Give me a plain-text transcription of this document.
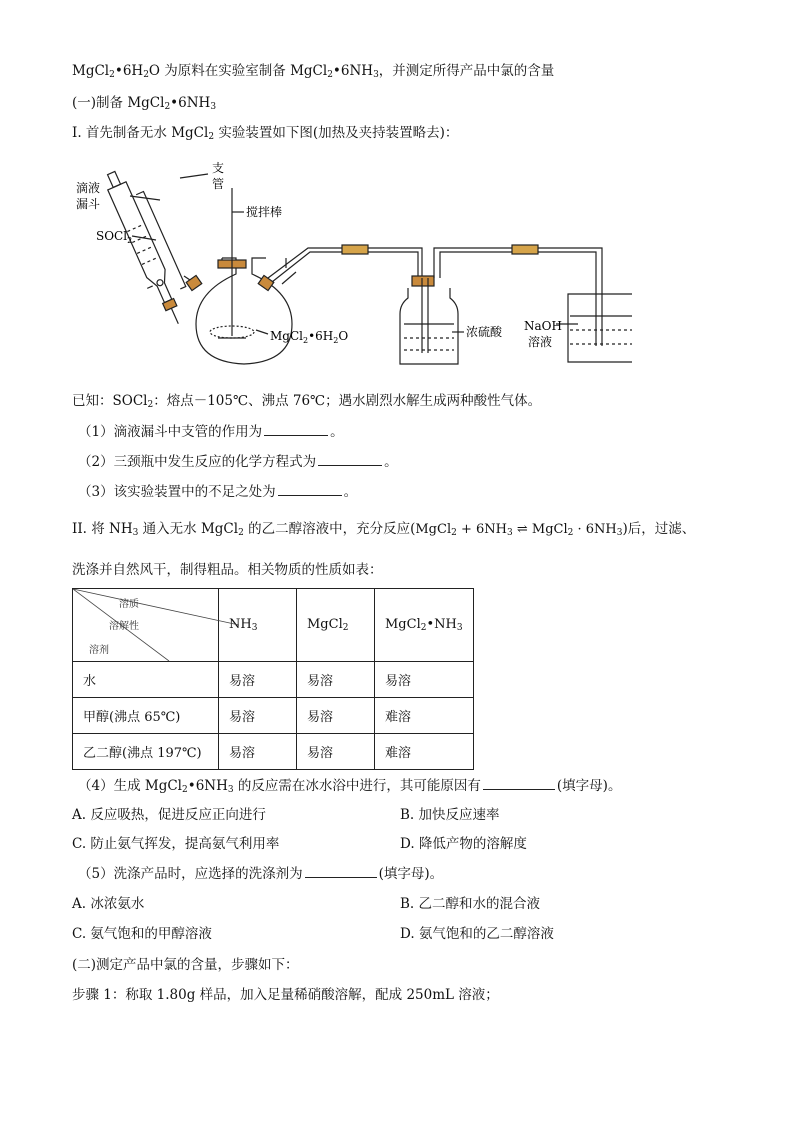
$MgCl_2•6H_2O$ 为原料在实验室制备 $MgCl_2•6NH_3$，并测定所得产品中氯的含量
(一)制备 $MgCl_2•6NH_3$
I. 首先制备无水 MgCl$_2$ 实验装置如下图(加热及夹持装置略去)：
支
管
滴液
漏斗
SOCl$_2$
搅拌棒
$MgCl_2•6H_2O$	浓硫酸 NaOH
溶液
已知：SOCl$_2$：熔点－105℃、沸点 76℃；遇水剧烈水解生成两种酸性气体。
（1）滴液漏斗中支管的作用为	。
（2）三颈瓶中发生反应的化学方程式为	。
（3）该实验装置中的不足之处为	。
II. 将 $NH_3$ 通入无水 MgCl$_2$ 的乙二醇溶液中，充分反应(MgCl$_2$ + $6NH_3$ ⇌ MgCl$_2$ · $6NH_3$)后，过滤、
洗涤并自然风干，制得粗品。相关物质的性质如表：
溶质
溶解性
溶剂	$NH_3$	MgCl$_2$	$MgCl_2•NH_3$
水	易溶	易溶	易溶
甲醇(沸点 65℃)	易溶	易溶	难溶
乙二醇(沸点 197℃)	易溶	易溶	难溶
（4）生成 $MgCl_2•6NH_3$ 的反应需在冰水浴中进行，其可能原因有	(填字母)。
A. 反应吸热，促进反应正向进行	B. 加快反应速率
C. 防止氨气挥发，提高氨气利用率	D. 降低产物的溶解度
（5）洗涤产品时，应选择的洗涤剂为	(填字母)。
A. 冰浓氨水	B. 乙二醇和水的混合液
C. 氨气饱和的甲醇溶液	D. 氨气饱和的乙二醇溶液
(二)测定产品中氯的含量，步骤如下：
步骤 1：称取 1.80g 样品，加入足量稀硝酸溶解，配成 250mL 溶液；
